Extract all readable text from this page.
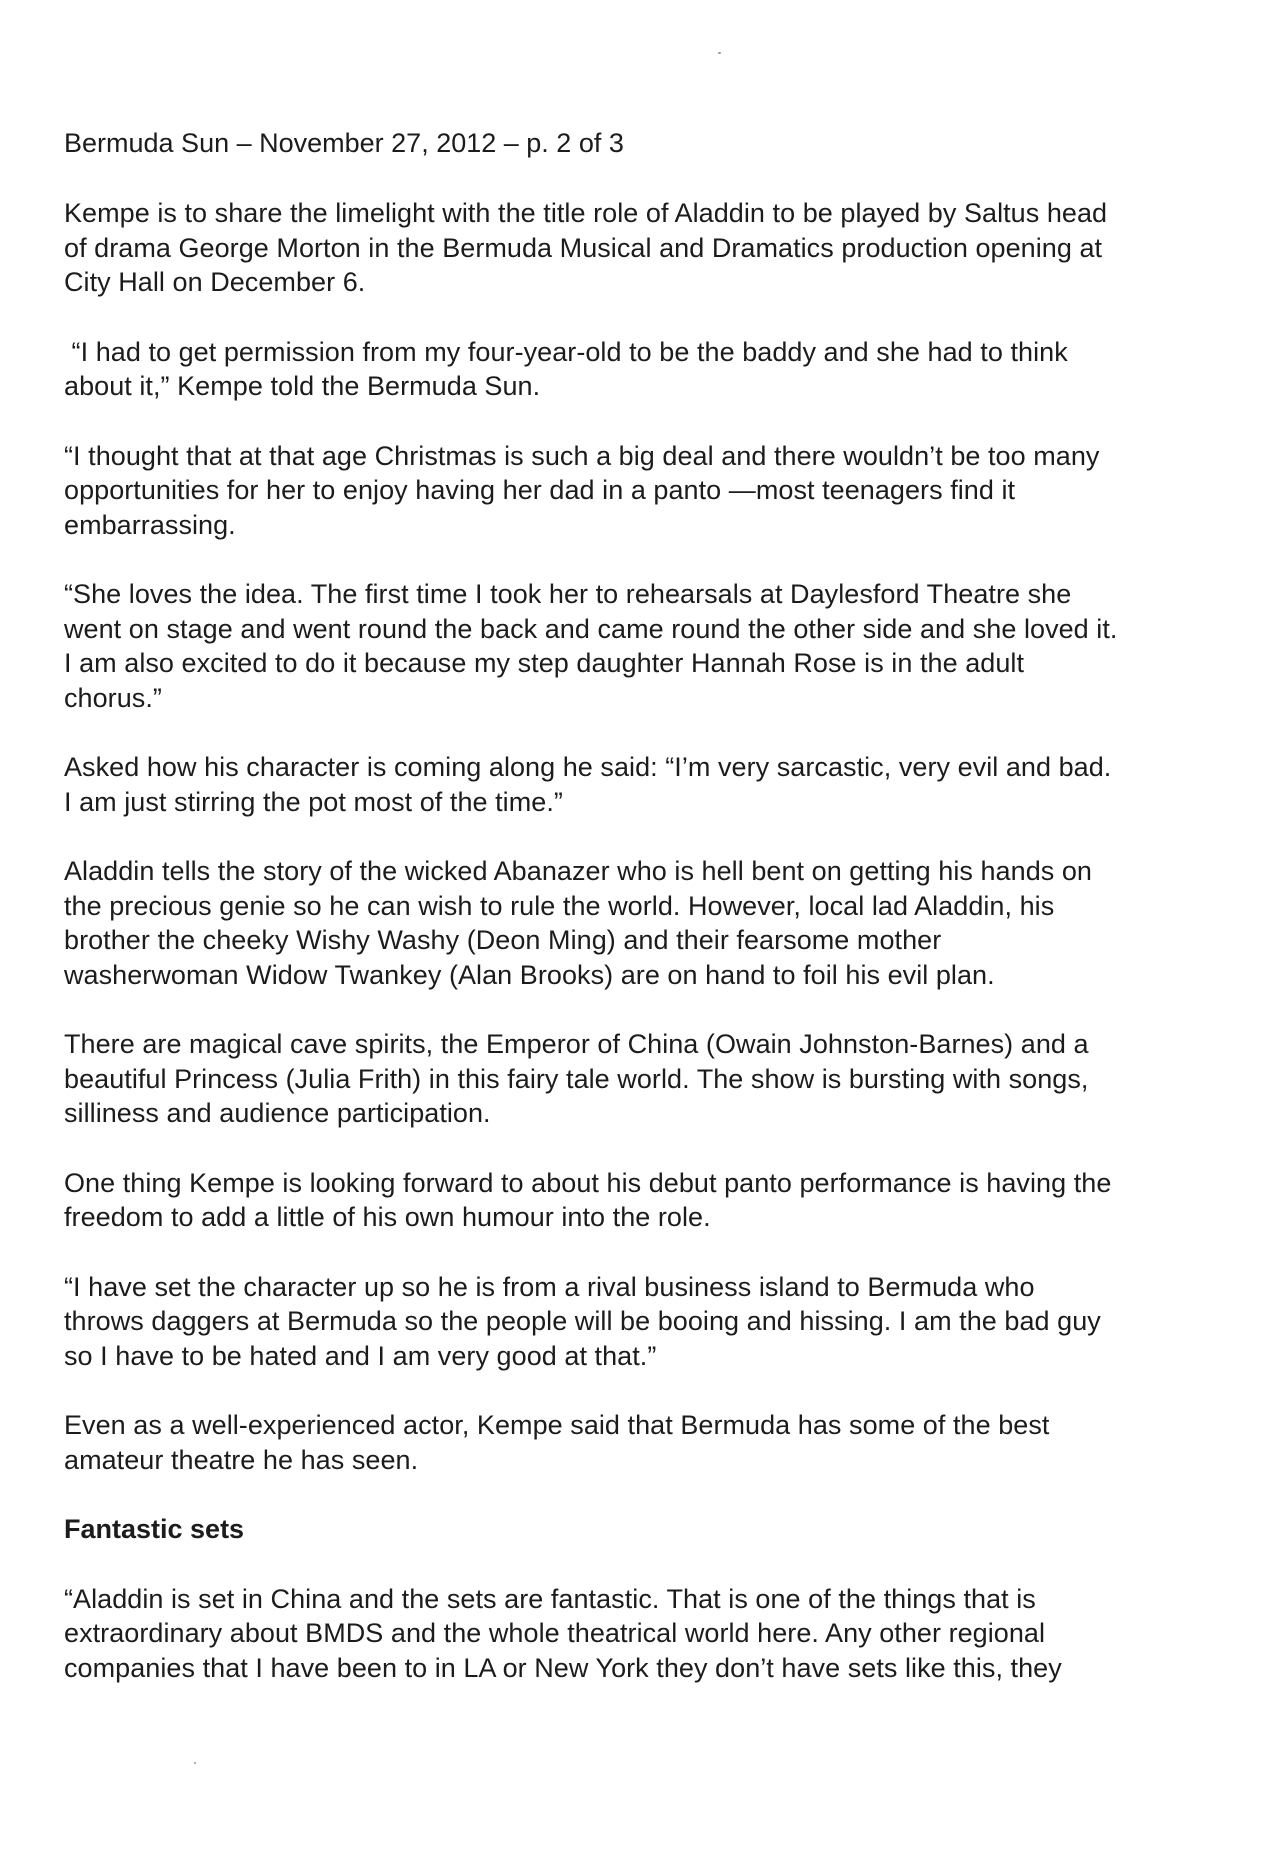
Bermuda Sun – November 27, 2012 – p. 2 of 3

Kempe is to share the limelight with the title role of Aladdin to be played by Saltus head
of drama George Morton in the Bermuda Musical and Dramatics production opening at
City Hall on December 6.

“I had to get permission from my four-year-old to be the baddy and she had to think
about it,” Kempe told the Bermuda Sun.

“I thought that at that age Christmas is such a big deal and there wouldn’t be too many
opportunities for her to enjoy having her dad in a panto —most teenagers find it
embarrassing.

“She loves the idea. The first time I took her to rehearsals at Daylesford Theatre she
went on stage and went round the back and came round the other side and she loved it.
I am also excited to do it because my step daughter Hannah Rose is in the adult
chorus.”

Asked how his character is coming along he said: “I’m very sarcastic, very evil and bad.
I am just stirring the pot most of the time.”

Aladdin tells the story of the wicked Abanazer who is hell bent on getting his hands on
the precious genie so he can wish to rule the world. However, local lad Aladdin, his
brother the cheeky Wishy Washy (Deon Ming) and their fearsome mother
washerwoman Widow Twankey (Alan Brooks) are on hand to foil his evil plan.

There are magical cave spirits, the Emperor of China (Owain Johnston-Barnes) and a
beautiful Princess (Julia Frith) in this fairy tale world. The show is bursting with songs,
silliness and audience participation.

One thing Kempe is looking forward to about his debut panto performance is having the
freedom to add a little of his own humour into the role.

“I have set the character up so he is from a rival business island to Bermuda who
throws daggers at Bermuda so the people will be booing and hissing. I am the bad guy
so I have to be hated and I am very good at that.”

Even as a well-experienced actor, Kempe said that Bermuda has some of the best
amateur theatre he has seen.

Fantastic sets

“Aladdin is set in China and the sets are fantastic. That is one of the things that is
extraordinary about BMDS and the whole theatrical world here. Any other regional
companies that I have been to in LA or New York they don’t have sets like this, they
